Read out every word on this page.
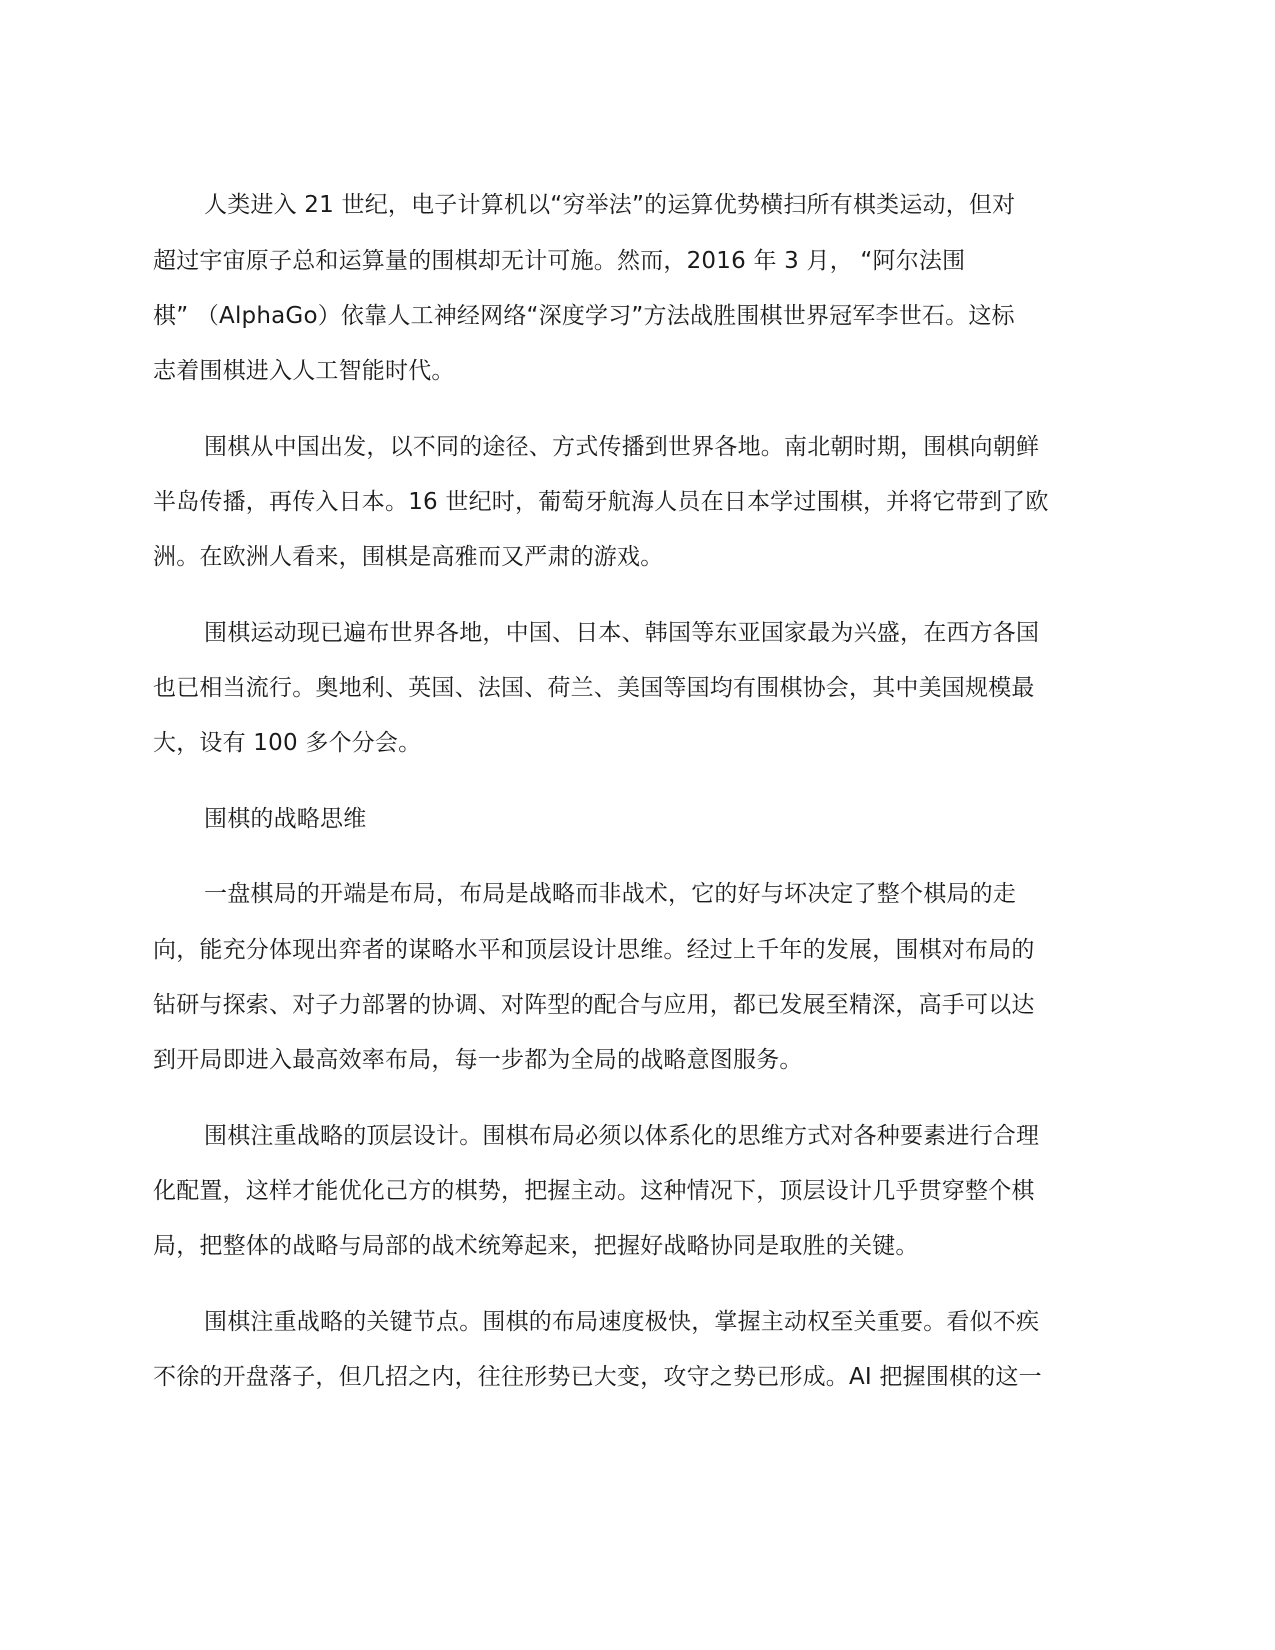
人类进入 21 世纪，电子计算机以“穷举法”的运算优势横扫所有棋类运动，但对
超过宇宙原子总和运算量的围棋却无计可施。然而，2016 年 3 月， “阿尔法围
棋” （AlphaGo）依靠人工神经网络“深度学习”方法战胜围棋世界冠军李世石。这标
志着围棋进入人工智能时代。
围棋从中国出发，以不同的途径、方式传播到世界各地。南北朝时期，围棋向朝鲜
半岛传播，再传入日本。16 世纪时，葡萄牙航海人员在日本学过围棋，并将它带到了欧
洲。在欧洲人看来，围棋是高雅而又严肃的游戏。
围棋运动现已遍布世界各地，中国、日本、韩国等东亚国家最为兴盛，在西方各国
也已相当流行。奥地利、英国、法国、荷兰、美国等国均有围棋协会，其中美国规模最
大，设有 100 多个分会。
围棋的战略思维
一盘棋局的开端是布局，布局是战略而非战术，它的好与坏决定了整个棋局的走
向，能充分体现出弈者的谋略水平和顶层设计思维。经过上千年的发展，围棋对布局的
钻研与探索、对子力部署的协调、对阵型的配合与应用，都已发展至精深，高手可以达
到开局即进入最高效率布局，每一步都为全局的战略意图服务。
围棋注重战略的顶层设计。围棋布局必须以体系化的思维方式对各种要素进行合理
化配置，这样才能优化己方的棋势，把握主动。这种情况下，顶层设计几乎贯穿整个棋
局，把整体的战略与局部的战术统筹起来，把握好战略协同是取胜的关键。
围棋注重战略的关键节点。围棋的布局速度极快，掌握主动权至关重要。看似不疾
不徐的开盘落子，但几招之内，往往形势已大变，攻守之势已形成。AI 把握围棋的这一
